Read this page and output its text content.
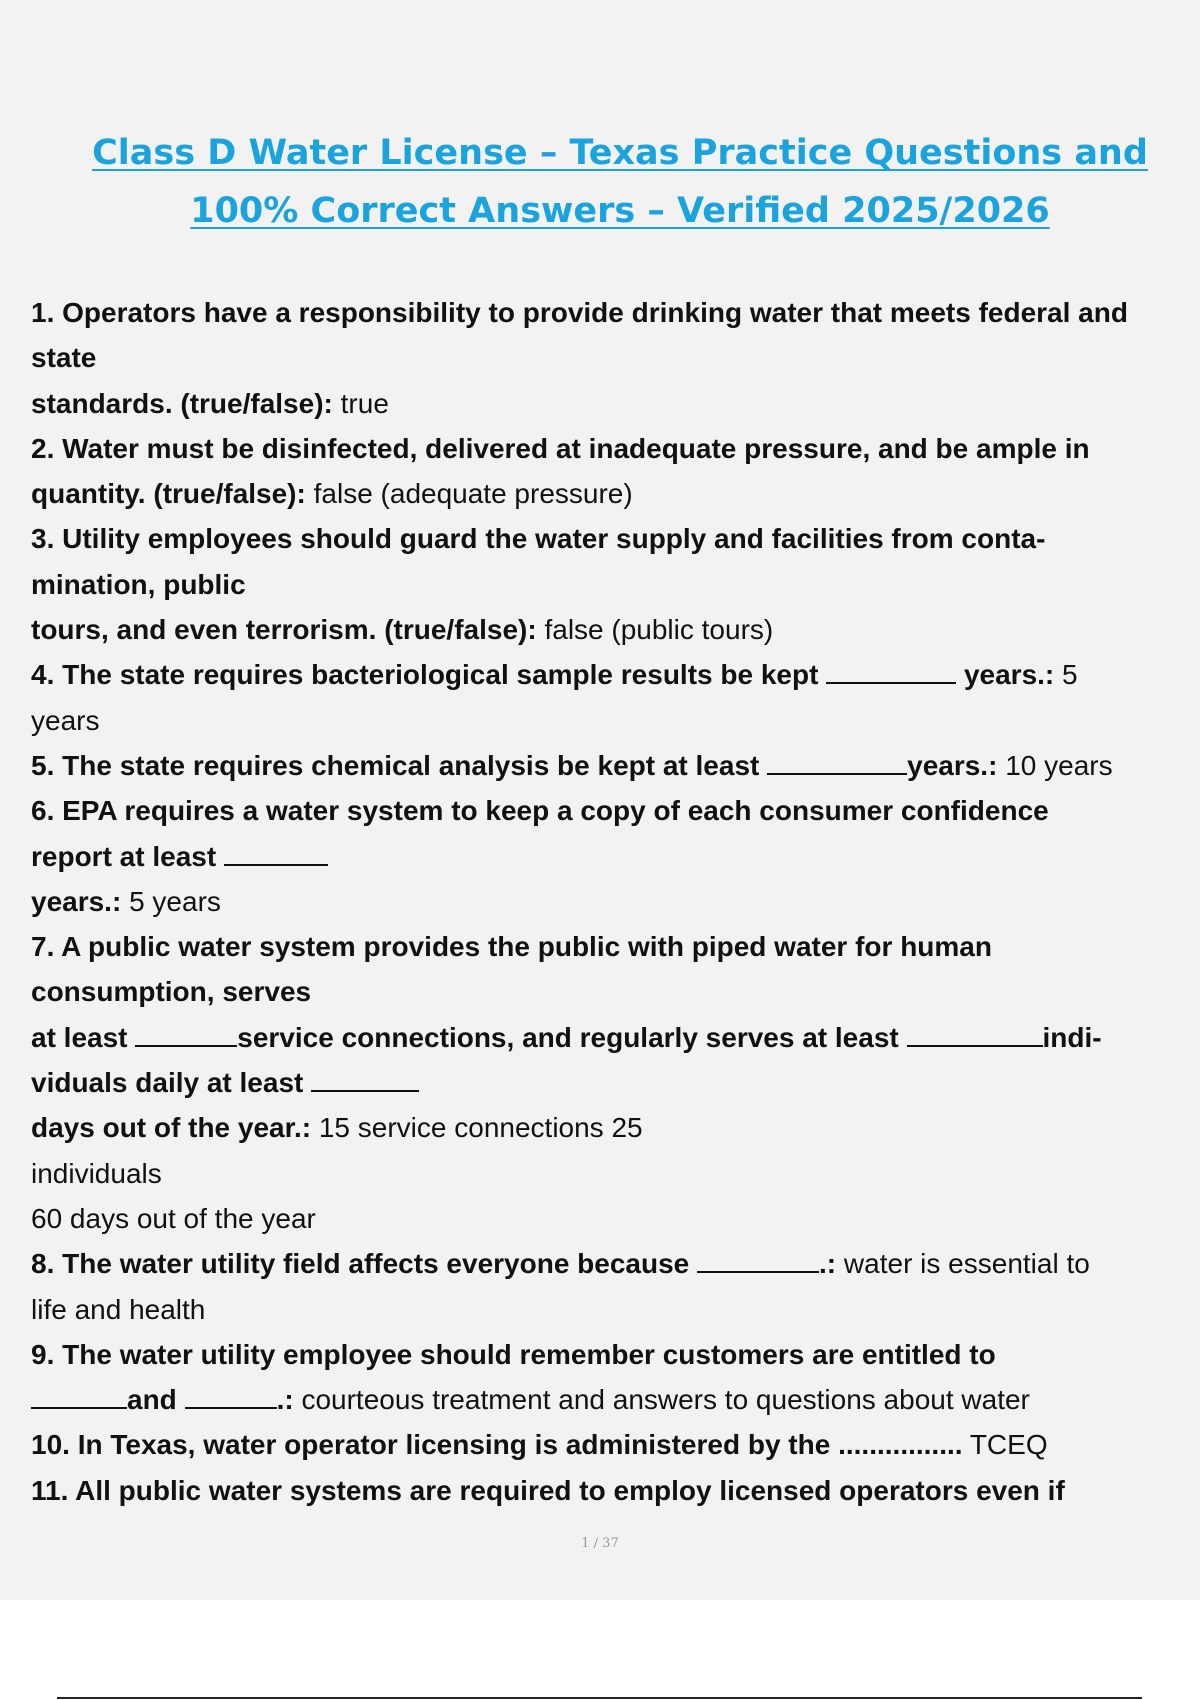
Class D Water License – Texas Practice Questions and
100% Correct Answers – Verified 2025/2026
1. Operators have a responsibility to provide drinking water that meets federal and
state
standards. (true/false): true
2. Water must be disinfected, delivered at inadequate pressure, and be ample in
quantity. (true/false): false (adequate pressure)
3. Utility employees should guard the water supply and facilities from conta-
mination, public
tours, and even terrorism. (true/false): false (public tours)
4. The state requires bacteriological sample results be kept	years.: 5
years
5. The state requires chemical analysis be kept at least	years.: 10 years
6. EPA requires a water system to keep a copy of each consumer confidence
report at least
years.: 5 years
7. A public water system provides the public with piped water for human
consumption, serves
at least	service connections, and regularly serves at least	indi-
viduals daily at least
days out of the year.: 15 service connections 25
individuals
60 days out of the year
8. The water utility field affects everyone because	.: water is essential to
life and health
9. The water utility employee should remember customers are entitled to
and	.: courteous treatment and answers to questions about water
10. In Texas, water operator licensing is administered by the ................ TCEQ
11. All public water systems are required to employ licensed operators even if
1 / 37
